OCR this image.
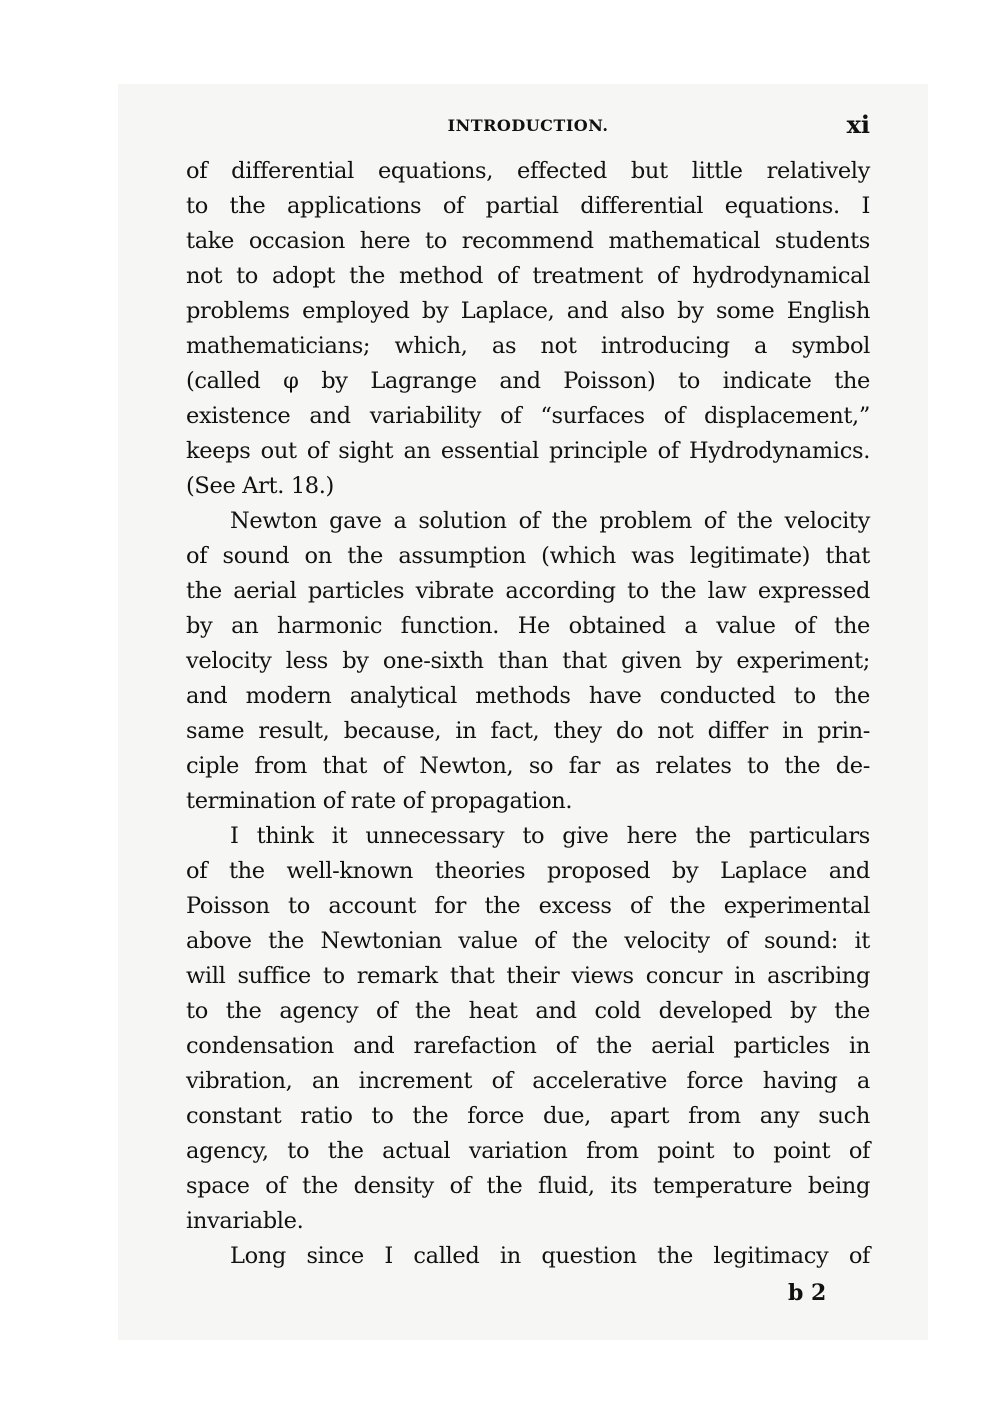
INTRODUCTION.	xi
of differential equations, effected but little relatively
to the applications of partial differential equations. I
take occasion here to recommend mathematical students
not to adopt the method of treatment of hydrodynamical
problems employed by Laplace, and also by some English
mathematicians; which, as not introducing a symbol
(called φ by Lagrange and Poisson) to indicate the
existence and variability of “surfaces of displacement,”
keeps out of sight an essential principle of Hydrodynamics.
(See Art. 18.)
Newton gave a solution of the problem of the velocity
of sound on the assumption (which was legitimate) that
the aerial particles vibrate according to the law expressed
by an harmonic function. He obtained a value of the
velocity less by one-sixth than that given by experiment;
and modern analytical methods have conducted to the
same result, because, in fact, they do not differ in prin-
ciple from that of Newton, so far as relates to the de-
termination of rate of propagation.
I think it unnecessary to give here the particulars
of the well-known theories proposed by Laplace and
Poisson to account for the excess of the experimental
above the Newtonian value of the velocity of sound: it
will suffice to remark that their views concur in ascribing
to the agency of the heat and cold developed by the
condensation and rarefaction of the aerial particles in
vibration, an increment of accelerative force having a
constant ratio to the force due, apart from any such
agency, to the actual variation from point to point of
space of the density of the fluid, its temperature being
invariable.
Long since I called in question the legitimacy of
b 2
